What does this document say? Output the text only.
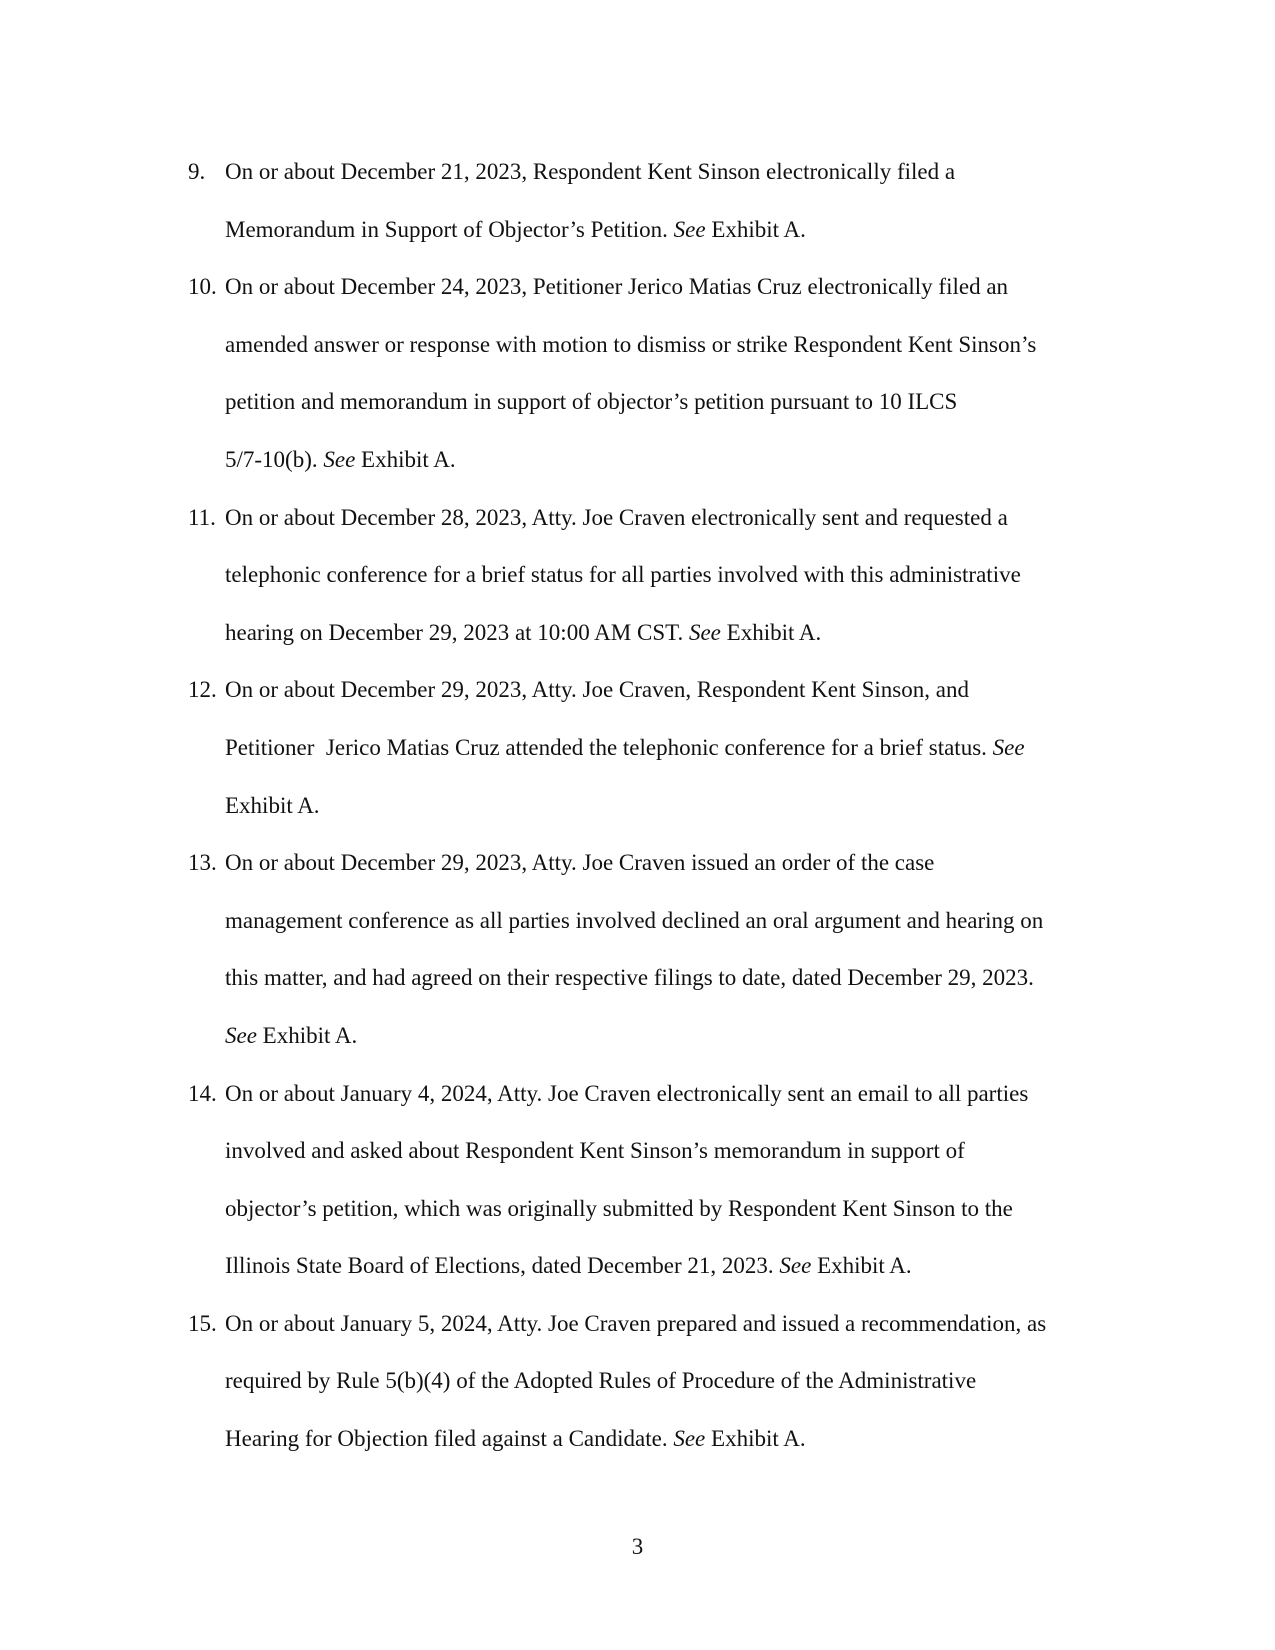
9. On or about December 21, 2023, Respondent Kent Sinson electronically filed a
Memorandum in Support of Objector’s Petition. See Exhibit A.
10. On or about December 24, 2023, Petitioner Jerico Matias Cruz electronically filed an
amended answer or response with motion to dismiss or strike Respondent Kent Sinson’s
petition and memorandum in support of objector’s petition pursuant to 10 ILCS
5/7-10(b). See Exhibit A.
11. On or about December 28, 2023, Atty. Joe Craven electronically sent and requested a
telephonic conference for a brief status for all parties involved with this administrative
hearing on December 29, 2023 at 10:00 AM CST. See Exhibit A.
12. On or about December 29, 2023, Atty. Joe Craven, Respondent Kent Sinson, and
Petitioner  Jerico Matias Cruz attended the telephonic conference for a brief status. See
Exhibit A.
13. On or about December 29, 2023, Atty. Joe Craven issued an order of the case
management conference as all parties involved declined an oral argument and hearing on
this matter, and had agreed on their respective filings to date, dated December 29, 2023.
See Exhibit A.
14. On or about January 4, 2024, Atty. Joe Craven electronically sent an email to all parties
involved and asked about Respondent Kent Sinson’s memorandum in support of
objector’s petition, which was originally submitted by Respondent Kent Sinson to the
Illinois State Board of Elections, dated December 21, 2023. See Exhibit A.
15. On or about January 5, 2024, Atty. Joe Craven prepared and issued a recommendation, as
required by Rule 5(b)(4) of the Adopted Rules of Procedure of the Administrative
Hearing for Objection filed against a Candidate. See Exhibit A.
3
